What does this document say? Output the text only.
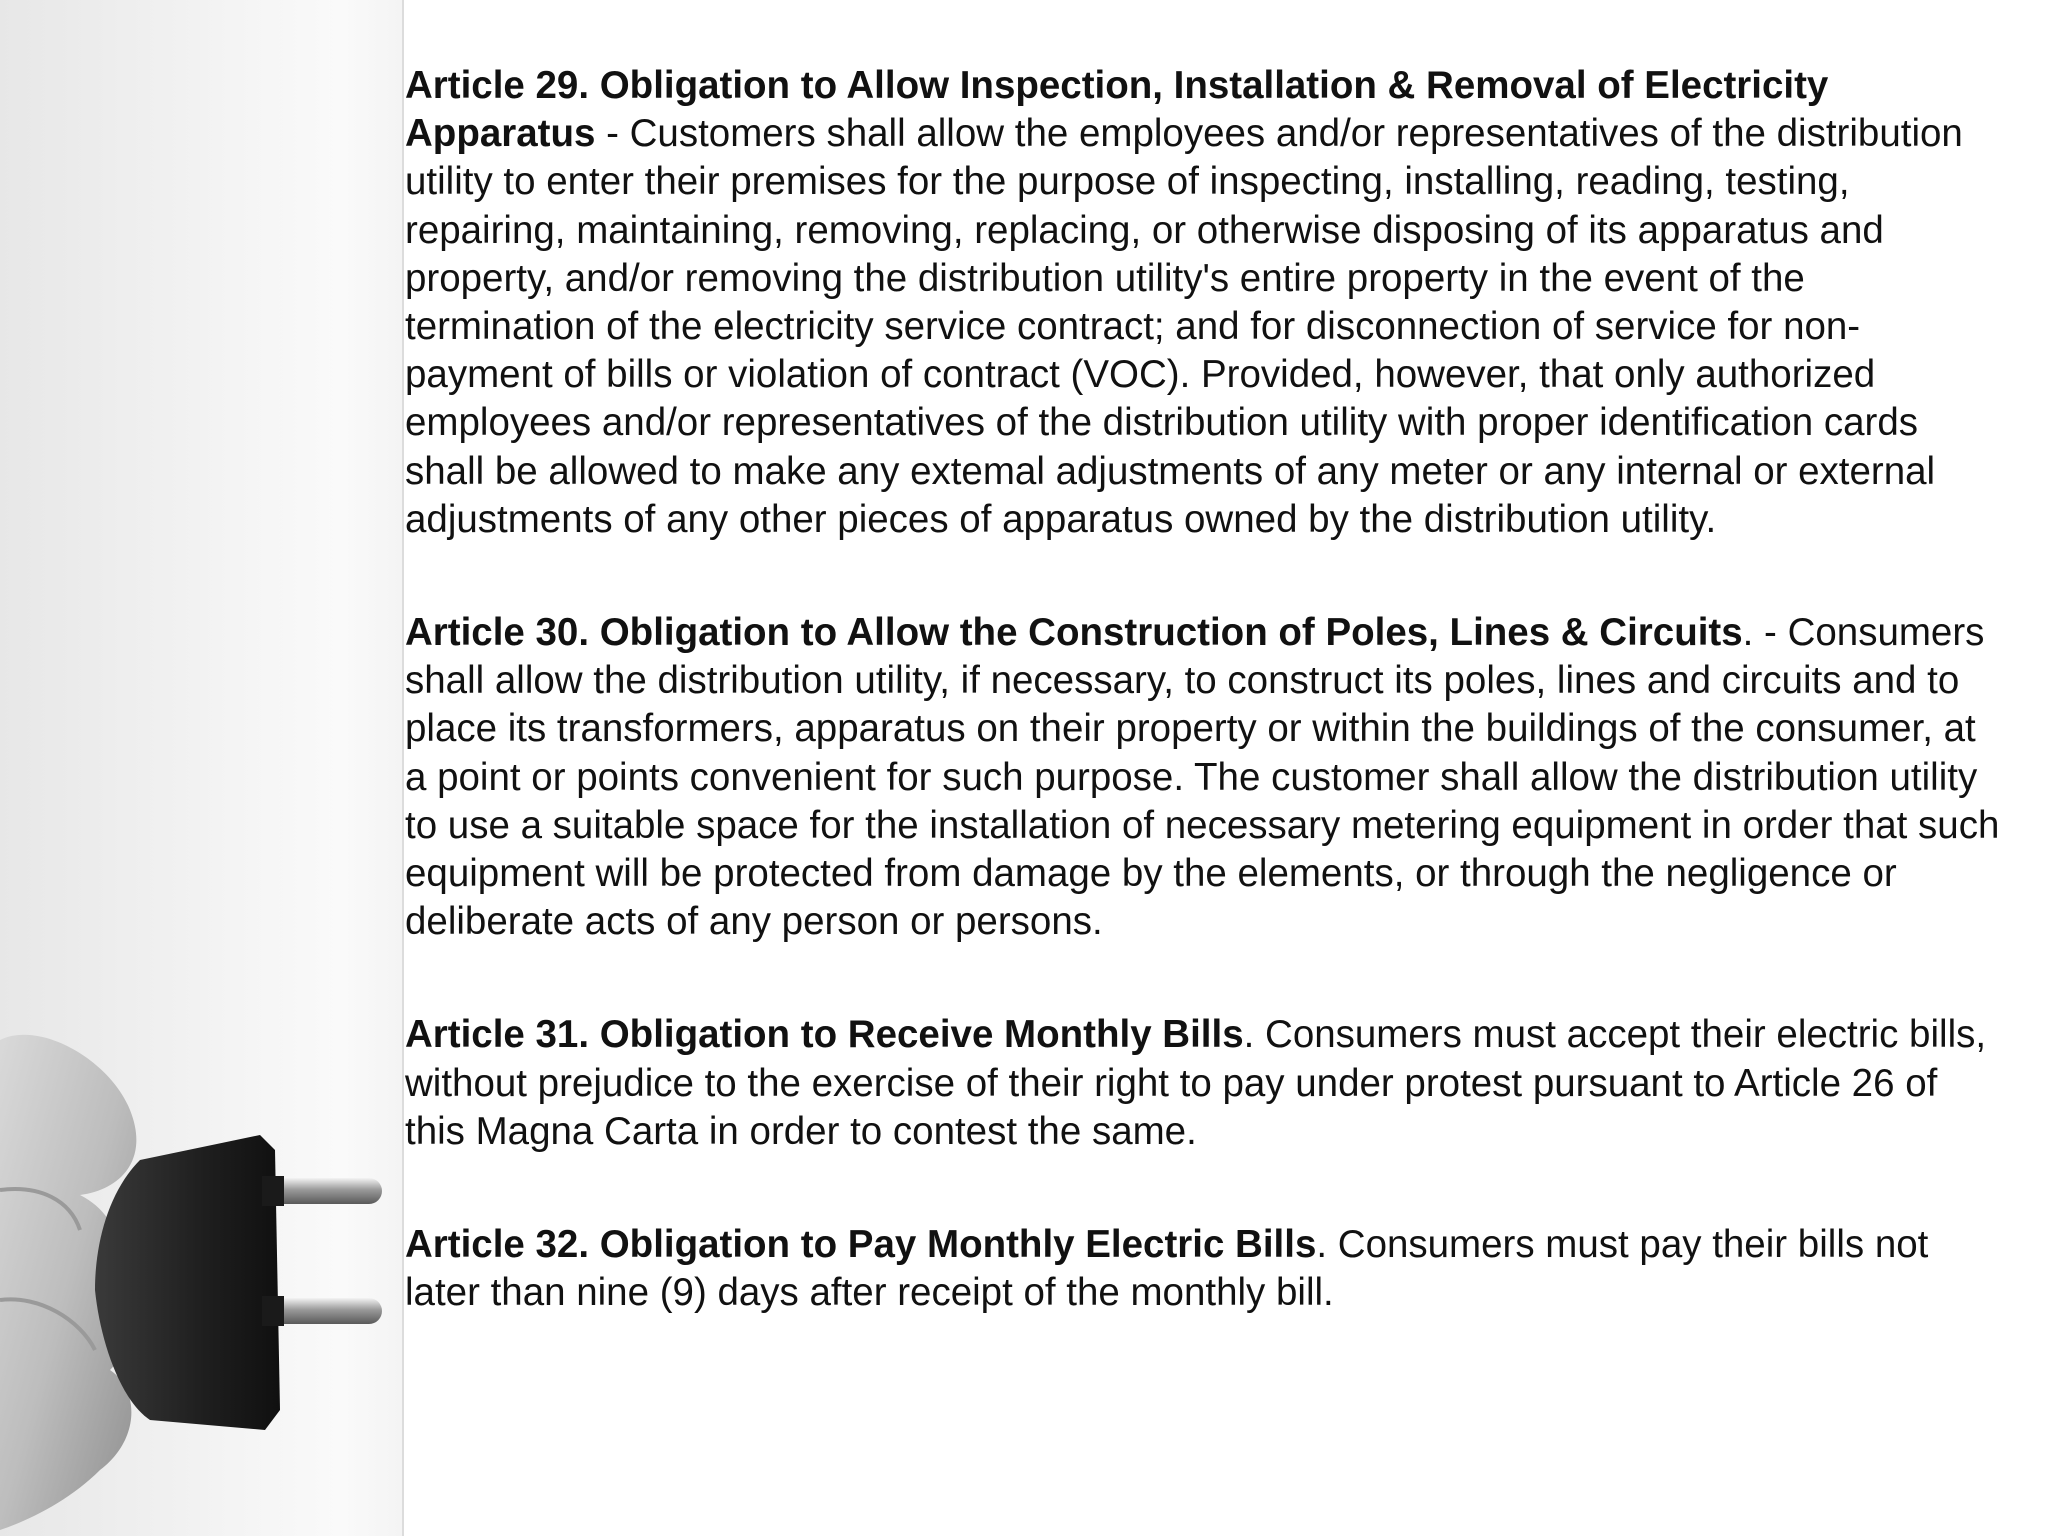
Article 29. Obligation to Allow Inspection, Installation & Removal of Electricity Apparatus - Customers shall allow the employees and/or representatives of the distribution utility to enter their premises for the purpose of inspecting, installing, reading, testing, repairing, maintaining, removing, replacing, or otherwise disposing of its apparatus and property, and/or removing the distribution utility's entire property in the event of the termination of the electricity service contract; and for disconnection of service for non- payment of bills or violation of contract (VOC). Provided, however, that only authorized employees and/or representatives of the distribution utility with proper identification cards shall be allowed to make any extemal adjustments of any meter or any internal or external adjustments of any other pieces of apparatus owned by the distribution utility.

Article 30. Obligation to Allow the Construction of Poles, Lines & Circuits. - Consumers shall allow the distribution utility, if necessary, to construct its poles, lines and circuits and to place its transformers, apparatus on their property or within the buildings of the consumer, at a point or points convenient for such purpose. The customer shall allow the distribution utility to use a suitable space for the installation of necessary metering equipment in order that such equipment will be protected from damage by the elements, or through the negligence or deliberate acts of any person or persons.

Article 31. Obligation to Receive Monthly Bills. Consumers must accept their electric bills, without prejudice to the exercise of their right to pay under protest pursuant to Article 26 of this Magna Carta in order to contest the same.

Article 32. Obligation to Pay Monthly Electric Bills. Consumers must pay their bills not later than nine (9) days after receipt of the monthly bill.
